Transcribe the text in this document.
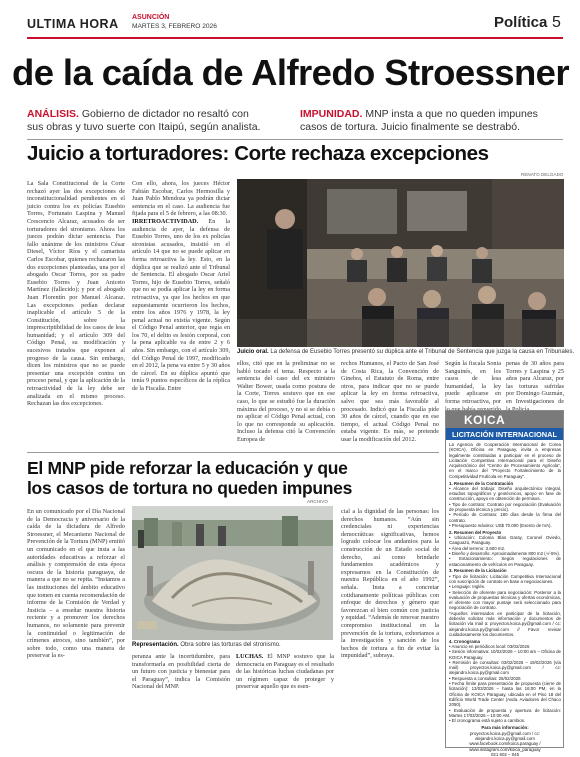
ULTIMA HORA ASUNCIÓN
MARTES 3, FEBRERO 2026	Política 5
de la caída de Alfredo Stroessner
ANÁLISIS. Gobierno de dictador no resaltó con
sus obras y tuvo suerte con Itaipú, según analista.
IMPUNIDAD. MNP insta a que no queden impunes
casos de tortura. Juicio finalmente se destrabó.
Juicio a torturadores: Corte rechaza excepciones
RENATO DELGADO
La Sala Constitucional de la Corte rechazó ayer las dos excepciones de inconstitucionalidad pendientes en el juicio contra los ex policías Eusebio Torres, Fortunato Laspina y Manuel Crescencio Alcaraz, acusados de ser torturadores del stronismo. Ahora los jueces podrán dictar sentencia. Fue fallo unánime de los ministros César Diesel, Víctor Ríos y el camarista Carlos Escobar, quienes rechazaron las dos excepciones planteadas, una por el abogado Oscar Torres, por su padre Eusebio Torres y Juan Aniceto Martínez (fallecido); y por el abogado Juan Florentín por Manuel Alcaraz. Las excepciones pedían declarar inaplicable el artículo 5 de la Constitución, sobre la imprescriptibilidad de los casos de lesa humanidad; y el artículo 309 del Código Penal, su modificación y sucesivos tratados que exponen al progreso de la causa. Sin embargo, dicen los ministros que no se puede presentar una excepción contra un proceso penal, y que la aplicación de la retroactividad de la ley debe ser analizada en el mismo proceso. Rechazan las dos excepciones.
Con ello, ahora, los jueces Héctor Fabián Escobar, Carlos Hermosilla y Juan Pablo Mendoza ya podrán dictar sentencia en el caso. La audiencia fue fijada para el 5 de febrero, a las 08:30.
IRRETROACTIVIDAD. En la audiencia de ayer, la defensa de Eusebio Torres, uno de los ex policías stronistas acusados, insistió en el artículo 14 que no se puede aplicar en forma retroactiva la ley. Esto, en la dúplica que se realizó ante el Tribunal de Sentencia. El abogado Oscar Ariel Torres, hijo de Eusebio Torres, señaló que no se podía aplicar la ley en forma retroactiva, ya que los hechos en que supuestamente ocurrieron los hechos, entre los años 1976 y 1978, la ley penal actual no existía vigente. Según el Código Penal anterior, que regía en los 70, el delito es lesión corporal, con la pena aplicable va de entre 2 y 6 años. Sin embargo, con el artículo 309, del Código Penal de 1997, modificado en el 2012, la pena va entre 5 y 30 años de cárcel. En su dúplica apuntó que tenía 9 puntos específicos de la réplica de la Fiscalía. Entre
Juicio oral. La defensa de Eusebio Torres presentó su dúplica ante el Tribunal de Sentencia que juzga la causa en Tribunales.
ellos, citó que en la preliminar no se habló tocado el tema. Respecto a la sentencia del caso del ex ministro Walter Bower, usada como postura de la Corte, Torres sostuvo que en ese caso, lo que se estudió fue la duración máxima del proceso, y no si se debía o no aplicar el Código Penal actual, con lo que no corresponde su aplicación. Incluso la defensa citó la Convención Europea de
rechos Humanos, el Pacto de San José de Costa Rica, la Convención de Ginebra, el Estatuto de Roma, entre otros, para indicar que no se puede aplicar la ley en forma retroactiva, salvo que sea más favorable al procesado. Indicó que la Fiscalía pide 30 años de cárcel, cuando que en ese tiempo, el actual Código Penal no estaba vigente. Es más, se pretende usar la modificación del 2012.
Según la fiscala Sonia Sanguinés, en los casos de lesa humanidad, la ley puede aplicarse en forma retroactiva, por
penas de 30 años para Torres y Laspina y 25 años para Alcaraz, por las torturas sufridas por Domingo Guzmán, en Investigaciones de
El MNP pide reforzar la educación y que
los casos de tortura no queden impunes
ARCHIVO
En un comunicado por el Día Nacional de la Democracia y aniversario de la caída de la dictadura de Alfredo Stroessner, el Mecanismo Nacional de Prevención de la Tortura (MNP) emitió un comunicado en el que insta a las autoridades educativas a reforzar el análisis y comprensión de esta época oscura de la historia paraguaya, de manera a que no se repita. “Instamos a las instituciones del ámbito educativo que tomen en cuenta recomendación de informe de la Comisión de Verdad y Justicia – a enseñar nuestra historia reciente y a promover los derechos humanos, no solamente para prevenir la continuidad o legitimación de crímenes atroces, sino también”, por sobre todo, como una manera de preservar la es-
Representación. Obra sobre las torturas del stronismo.
peranza ante la incertidumbre, para transformarla en posibilidad cierta de un futuro con justicia y bienestar para el Paraguay”, indica la Comisión Nacional del MNP.
LUCHAS. El MNP sostuvo que la democracia en Paraguay es el resultado de las históricas luchas ciudadanas por un régimen capaz de proteger y preservar aquello que es esen-
cial a la dignidad de las personas: los derechos humanos. “Aún sin credenciales ni experiencias democráticas significativas, hemos logrado colocar los andamios para la construcción de un Estado social de derecho, así como brindarle fundamentos académicos y expresarnos en la Constitución de nuestra República en el año 1992”, señala. Insta a concretar cotidianamente políticas públicas con enfoque de derechos y género que favorezcan el bien común con justicia y equidad. “Además de renovar nuestro compromiso institucional en la prevención de la tortura, exhortamos a la investigación y sanción de los hechos de tortura a fin de evitar la impunidad”, subraya.
KOICA
LICITACIÓN INTERNACIONAL
La Agencia de Cooperación Internacional de Corea (KOICA), Oficina en Paraguay, invita a empresas legalmente constituidas a participar en el proceso de Licitación Competitiva Internacional para el Diseño Arquitectónico del “Centro de Procesamiento Agrícola”, en el marco del “Proyecto Fortalecimiento de la Competitividad Frutícola en Paraguay”.
1. Resumen de la Contratación
• Alcance del trabajo: Diseño arquitectónico integral, estudios topográficos y geotécnicos, apoyo en fase de construcción, apoyo en obtención de permisos.
• Tipo de contrato: Contrato por negociación (Evaluación de propuesta técnica y precio).
• Período de Contrato: 180 días desde la firma del contrato.
• Presupuesto máximo: US$ 70.000 (Exento de IVA).
2. Resumen del Proyecto
• Ubicación: Colonia Blas Garay, Coronel Oviedo, Caaguazú, Paraguay.
• Área del terreno: 3.600 m2.
• Diseño y desarrollo: Aproximadamente 800 m2 (+/-5%).
• Estacionamiento: Según regulaciones de estacionamiento de vehículos en Paraguay.
3. Resumen de la Licitación
• Tipo de licitación: Licitación Competitiva Internacional con suscripción de contrato en base a negociaciones.
• Lenguaje: Inglés.
• Selección de oferente para negociación: Posterior a la evaluación de propuestas técnicas y ofertas económicas, el oferente con mayor puntaje será seleccionado para negociación de contrato.
*Aquellos interesados en participar de la licitación, deberán solicitar más información y documentos de licitación vía mail a: proyectos.koica.py@gmail.com / cc: alejandro.koica.py@gmail.com // Favor revisar cuidadosamente los documentos.
4. Cronograma
• Anuncio en periódicos local: 03/02/2026
• Sesión informativa: 10/02/2026 – 10:00 am – Oficina de KOICA Paraguay.
• Remisión de consultas: 03/02/2026 – 19/02/2026 (vía mail) proyectos.koica.py@gmail.com / cc: alejandro.koica.py@gmail.com
• Respuesta a consultas: 25/02/2026
• Fecha límite para presentación de propuesta (cierre de licitación): 13/03/2026 – hasta las 16:00 PM, en la Oficina de KOICA Paraguay, ubicada en el Piso 18 del Edificio World Trade Center (Avda. Aviadores del Chaco 2050).
• Evaluación de propuesta y apertura de licitación: Martes 17/03/2026 – 10:00 AM.
• El cronograma está sujeto a cambios.
Para más información:
proyectos.koica.py@gmail.com / cc: alejandro.koica.py@gmail.com
www.facebook.com/koica.paraguay / www.instagram.com/koica_paraguay
021 602 – 045
